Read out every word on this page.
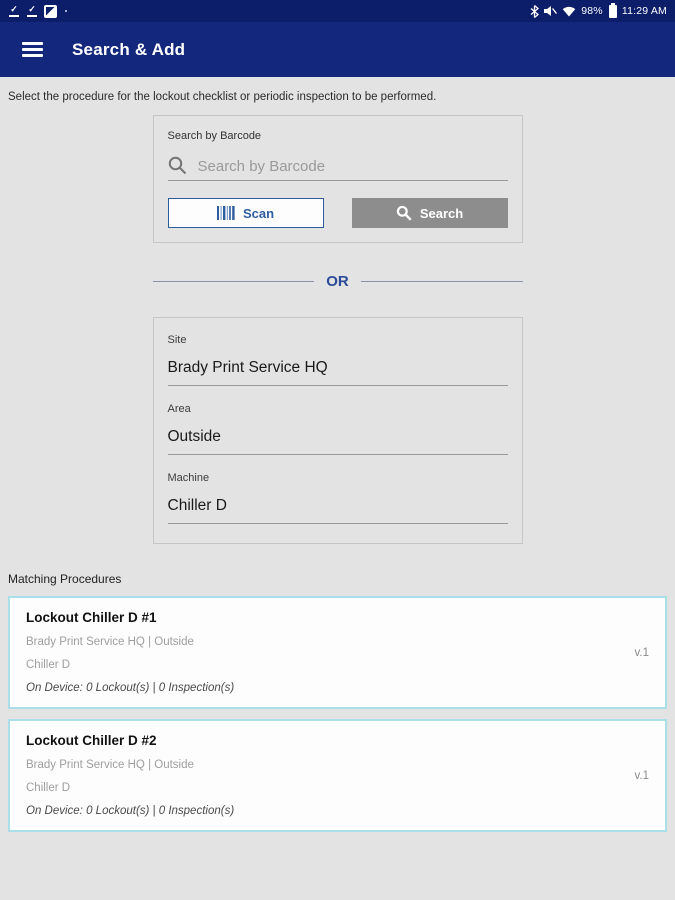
✓ ✓	98% 11:29 AM
Search & Add
Select the procedure for the lockout checklist or periodic inspection to be performed.
Search by Barcode
Search by Barcode
Scan	Search
OR
Site
Brady Print Service HQ
Area
Outside
Machine
Chiller D
Matching Procedures
Lockout Chiller D #1
Brady Print Service HQ | Outside
Chiller D
On Device: 0 Lockout(s) | 0 Inspection(s)
v.1
Lockout Chiller D #2
Brady Print Service HQ | Outside
Chiller D
On Device: 0 Lockout(s) | 0 Inspection(s)
v.1
